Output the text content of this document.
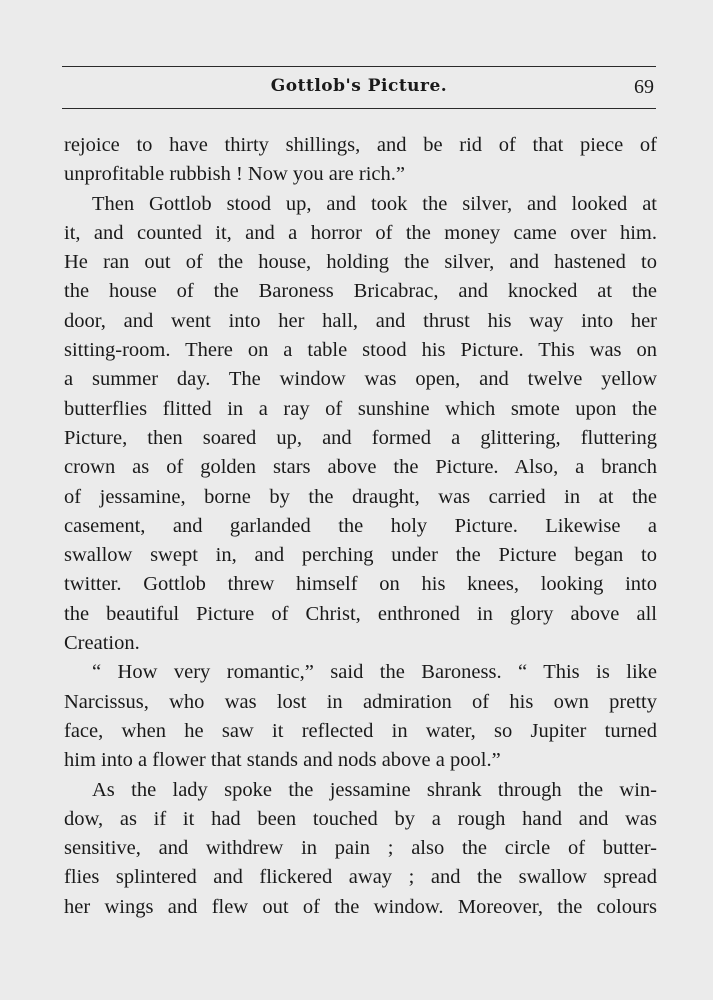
Gottlob's Picture.	69
rejoice to have thirty shillings, and be rid of that piece of
unprofitable rubbish ! Now you are rich.”
Then Gottlob stood up, and took the silver, and looked at
it, and counted it, and a horror of the money came over him.
He ran out of the house, holding the silver, and hastened to
the house of the Baroness Bricabrac, and knocked at the
door, and went into her hall, and thrust his way into her
sitting-room. There on a table stood his Picture. This was on
a summer day. The window was open, and twelve yellow
butterflies flitted in a ray of sunshine which smote upon the
Picture, then soared up, and formed a glittering, fluttering
crown as of golden stars above the Picture. Also, a branch
of jessamine, borne by the draught, was carried in at the
casement, and garlanded the holy Picture. Likewise a
swallow swept in, and perching under the Picture began to
twitter. Gottlob threw himself on his knees, looking into
the beautiful Picture of Christ, enthroned in glory above all
Creation.
“ How very romantic,” said the Baroness. “ This is like
Narcissus, who was lost in admiration of his own pretty
face, when he saw it reflected in water, so Jupiter turned
him into a flower that stands and nods above a pool.”
As the lady spoke the jessamine shrank through the win-
dow, as if it had been touched by a rough hand and was
sensitive, and withdrew in pain ; also the circle of butter-
flies splintered and flickered away ; and the swallow spread
her wings and flew out of the window. Moreover, the colours
